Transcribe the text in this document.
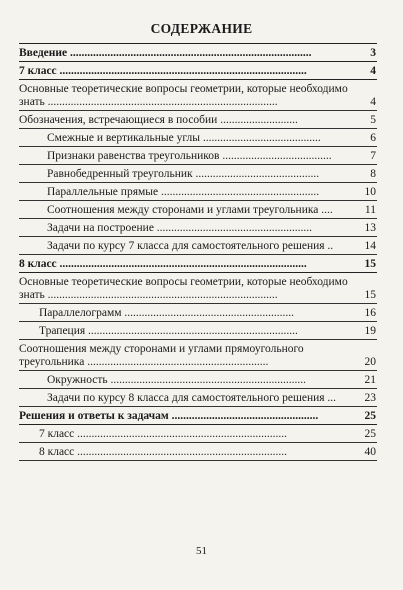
СОДЕРЖАНИЕ
Введение ....................................................................................	3
7 класс ......................................................................................	4
Основные теоретические вопросы геометрии, которые необходимо знать ................................................................................	4
Обозначения, встречающиеся в пособии ...........................	5
Смежные и вертикальные углы .........................................	6
Признаки равенства треугольников ......................................	7
Равнобедренный треугольник ...........................................	8
Параллельные прямые .......................................................	10
Соотношения между сторонами и углами треугольника ....	11
Задачи на построение ......................................................	13
Задачи по курсу 7 класса для самостоятельного решения ..	14
8 класс ......................................................................................	15
Основные теоретические вопросы геометрии, которые необходимо знать ................................................................................	15
Параллелограмм ...........................................................	16
Трапеция .........................................................................	19
Соотношения между сторонами и углами прямоугольного треугольника ...............................................................	20
Окружность ....................................................................	21
Задачи по курсу 8 класса для самостоятельного решения ... 23
Решения и ответы к задачам ...................................................	25
7 класс .........................................................................	25
8 класс .........................................................................	40
51
